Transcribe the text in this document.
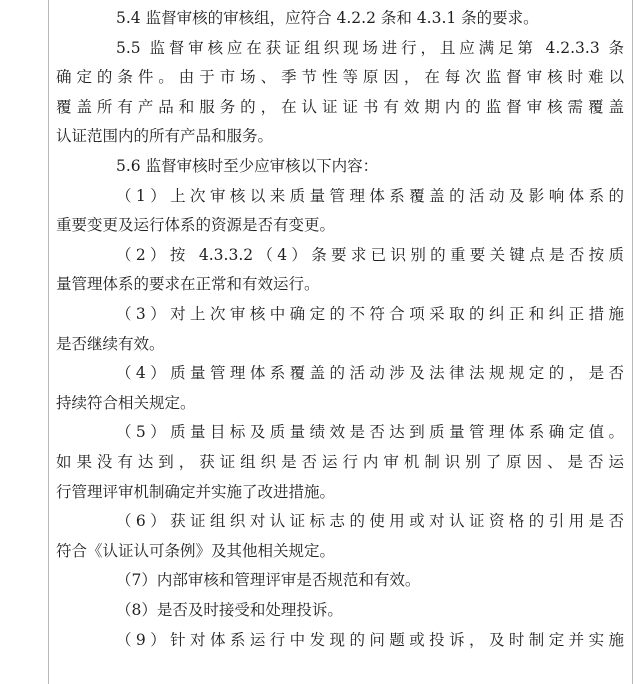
5.4 监督审核的审核组，应符合 4.2.2 条和 4.3.1 条的要求。
5.5 监督审核应在获证组织现场进行，且应满足第 4.2.3.3 条
确定的条件。由于市场、季节性等原因，在每次监督审核时难以
覆盖所有产品和服务的，在认证证书有效期内的监督审核需覆盖
认证范围内的所有产品和服务。
5.6 监督审核时至少应审核以下内容：
（1）上次审核以来质量管理体系覆盖的活动及影响体系的
重要变更及运行体系的资源是否有变更。
（2）按 4.3.3.2（4）条要求已识别的重要关键点是否按质
量管理体系的要求在正常和有效运行。
（3）对上次审核中确定的不符合项采取的纠正和纠正措施
是否继续有效。
（4）质量管理体系覆盖的活动涉及法律法规规定的，是否
持续符合相关规定。
（5）质量目标及质量绩效是否达到质量管理体系确定值。
如果没有达到，获证组织是否运行内审机制识别了原因、是否运
行管理评审机制确定并实施了改进措施。
（6）获证组织对认证标志的使用或对认证资格的引用是否
符合《认证认可条例》及其他相关规定。
（7）内部审核和管理评审是否规范和有效。
（8）是否及时接受和处理投诉。
（9）针对体系运行中发现的问题或投诉，及时制定并实施
